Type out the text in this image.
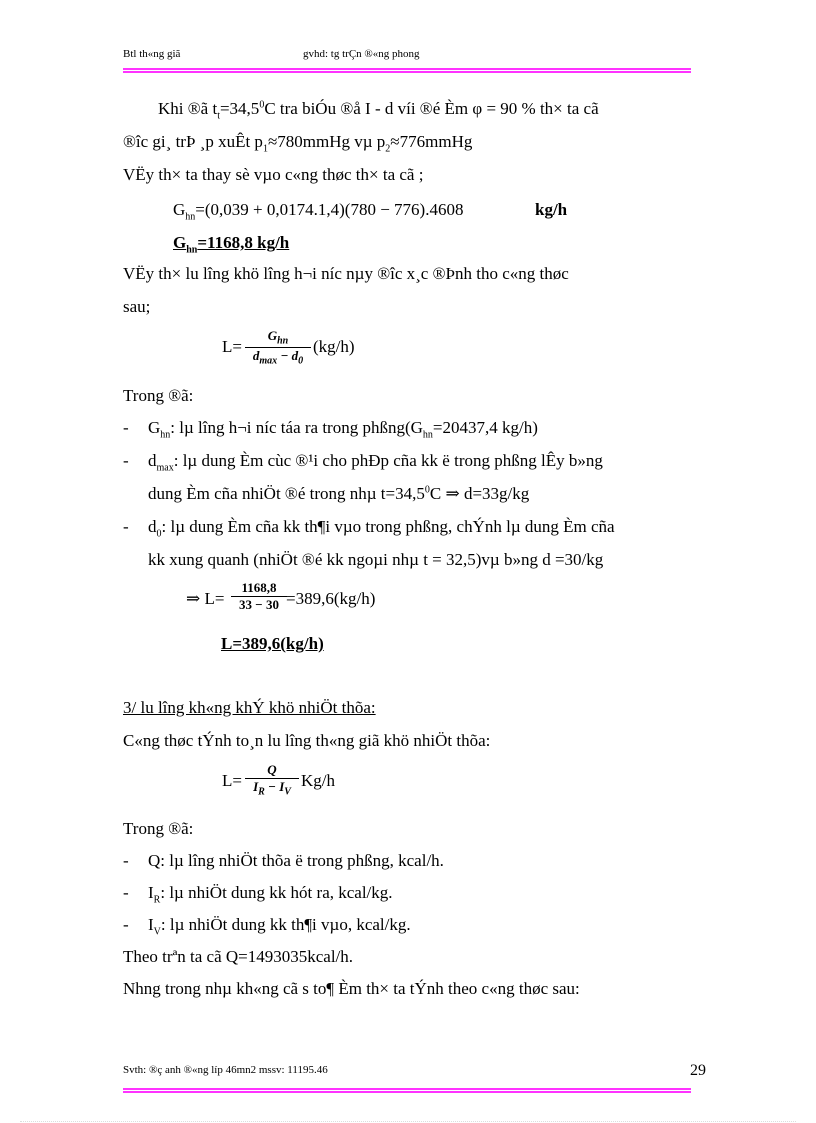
Btl th«ng giã	gvhd: tg trÇn ®«ng phong
Khi ®ã $t_t=34,5^0C$ tra biÓu ®å I - d víi ®é Èm φ = 90 % th× ta cã
®îc gi¸ trÞ ¸p xuÊt $p_1\approx 780mmHg$ vµ $p_2\approx 776mmHg$
VËy th× ta thay sè vµo c«ng thøc th× ta cã ;
$G_{hn}=(0,039 + 0,0174.1,4)(780 - 776).4608$	kg/h
$G_{hn}=1168,8$ kg/h
VËy th× lu lîng khö lîng h¬i níc nµy ®îc x¸c ®Þnh tho c«ng thøc
sau;
L=
$G_{hn}$
$d_{max} - d_0$
(kg/h)
Trong ®ã:
- $G_{hn}$: lµ lîng h¬i níc táa ra trong $phßng(G_{hn}=20437,4$ kg/h)
- $d_{max}$: lµ dung Èm cùc ®¹i cho phÐp cña kk ë trong phßng lÊy b»ng
dung Èm cña nhiÖt ®é trong nhµ $t=34,5^0C$ ⇒ d=33g/kg
- $d_0$: lµ dung Èm cña kk th¶i vµo trong phßng, chÝnh lµ dung Èm cña
kk xung quanh (nhiÖt ®é kk ngoµi nhµ t = 32,5)vµ b»ng d =30/kg
⇒ L=
1168,8
33 − 30 =389,6(kg/h)
L=389,6(kg/h)
3/ lu lîng kh«ng khÝ khö nhiÖt thõa:
C«ng thøc tÝnh to¸n lu lîng th«ng giã khö nhiÖt thõa:
L=
Q
$I_R - I_V$
Kg/h
Trong ®ã:
- Q: lµ lîng nhiÖt thõa ë trong phßng, kcal/h.
- $I_R$: lµ nhiÖt dung kk hót ra, kcal/kg.
- $I_V$: lµ nhiÖt dung kk th¶i vµo, kcal/kg.
Theo trªn ta cã Q=1493035kcal/h.
Nhng trong nhµ kh«ng cã s to¶ Èm th× ta tÝnh theo c«ng thøc sau:
Svth: ®ç anh ®«ng líp 46mn2 mssv: 11195.46	29
